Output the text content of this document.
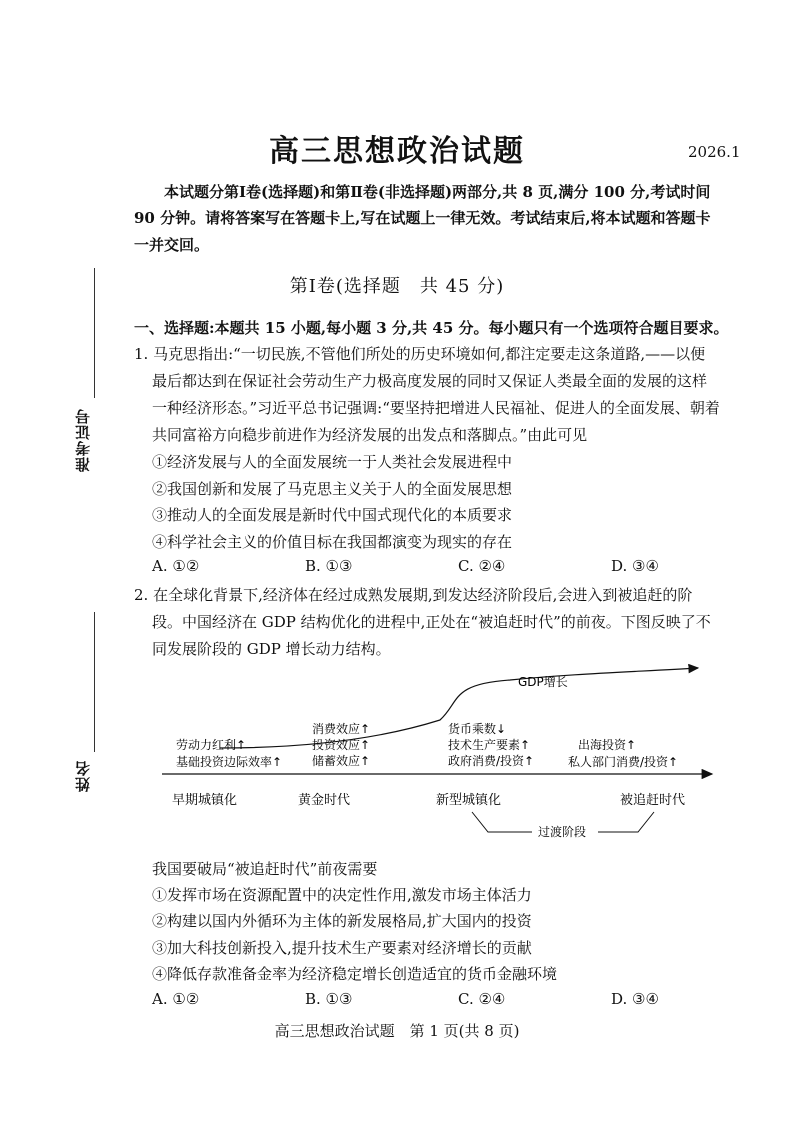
高三思想政治试题	2026.1
本试题分第Ⅰ卷(选择题)和第Ⅱ卷(非选择题)两部分,共 8 页,满分 100 分,考试时间
90 分钟。请将答案写在答题卡上,写在试题上一律无效。考试结束后,将本试题和答题卡
一并交回。
准考证号
姓名
第Ⅰ卷(选择题　共 45 分)
一、选择题:本题共 15 小题,每小题 3 分,共 45 分。每小题只有一个选项符合题目要求。
1. 马克思指出:“一切民族,不管他们所处的历史环境如何,都注定要走这条道路,——以便
最后都达到在保证社会劳动生产力极高度发展的同时又保证人类最全面的发展的这样
一种经济形态。”习近平总书记强调:“要坚持把增进人民福祉、促进人的全面发展、朝着
共同富裕方向稳步前进作为经济发展的出发点和落脚点。”由此可见
①经济发展与人的全面发展统一于人类社会发展进程中
②我国创新和发展了马克思主义关于人的全面发展思想
③推动人的全面发展是新时代中国式现代化的本质要求
④科学社会主义的价值目标在我国都演变为现实的存在
A. ①②	B. ①③	C. ②④	D. ③④
2. 在全球化背景下,经济体在经过成熟发展期,到发达经济阶段后,会进入到被追赶的阶
段。中国经济在 GDP 结构优化的进程中,正处在“被追赶时代”的前夜。下图反映了不
同发展阶段的 GDP 增长动力结构。
GDP增长
劳动力红利↑
基础投资边际效率↑
消费效应↑
投资效应↑
储蓄效应↑
货币乘数↓
技术生产要素↑
政府消费/投资↑
出海投资↑
私人部门消费/投资↑
早期城镇化	黄金时代	新型城镇化	被追赶时代
过渡阶段
我国要破局“被追赶时代”前夜需要
①发挥市场在资源配置中的决定性作用,激发市场主体活力
②构建以国内外循环为主体的新发展格局,扩大国内的投资
③加大科技创新投入,提升技术生产要素对经济增长的贡献
④降低存款准备金率为经济稳定增长创造适宜的货币金融环境
A. ①②	B. ①③	C. ②④	D. ③④
高三思想政治试题　第 1 页(共 8 页)
